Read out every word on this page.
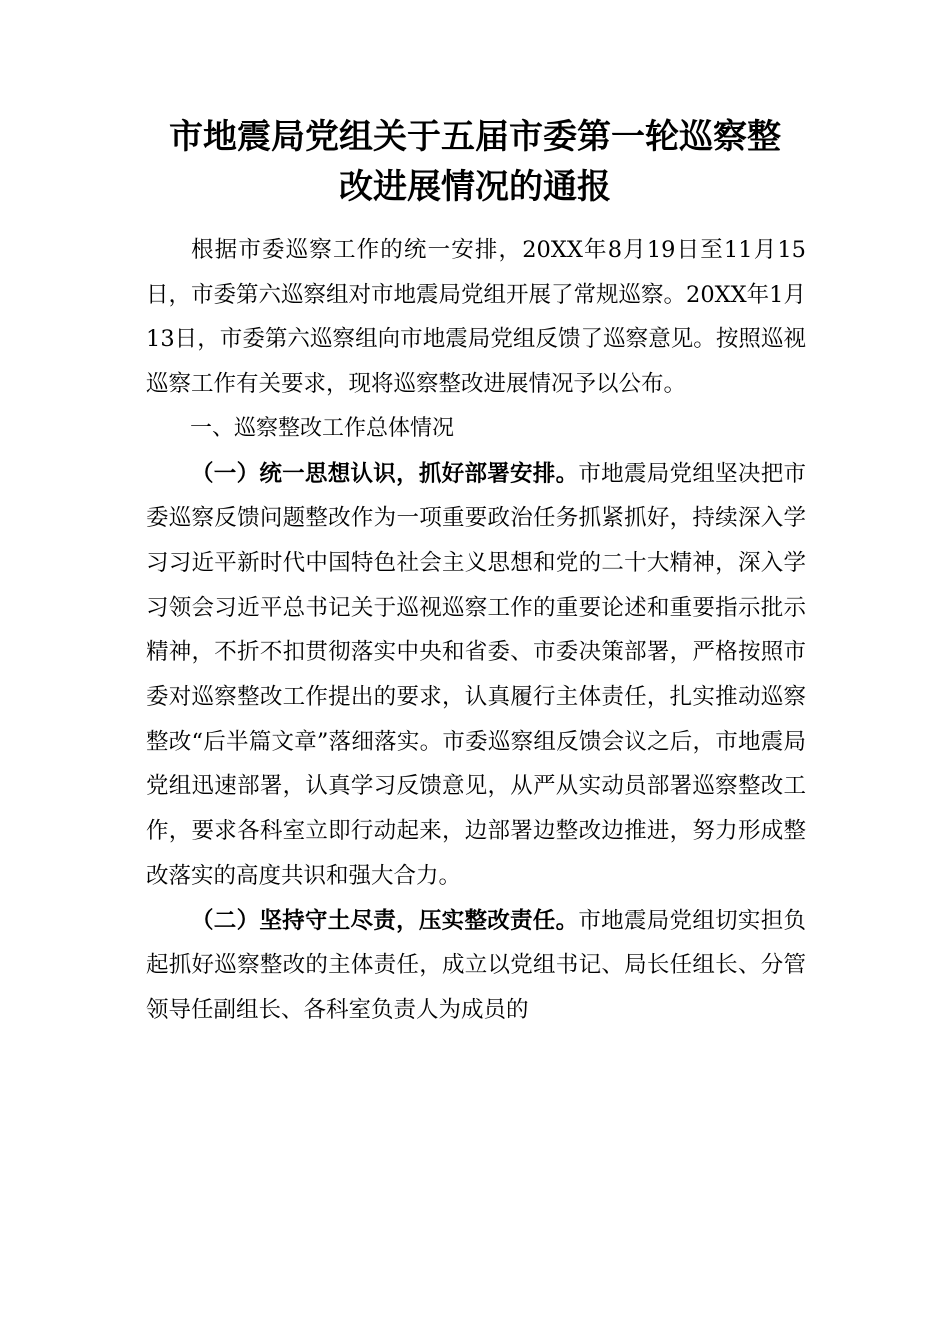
市地震局党组关于五届市委第一轮巡察整
改进展情况的通报

根据市委巡察工作的统一安排，20XX年8月19日至11月15日，市委第六巡察组对市地震局党组开展了常规巡察。20XX年1月13日，市委第六巡察组向市地震局党组反馈了巡察意见。按照巡视巡察工作有关要求，现将巡察整改进展情况予以公布。

一、巡察整改工作总体情况

（一）统一思想认识，抓好部署安排。市地震局党组坚决把市委巡察反馈问题整改作为一项重要政治任务抓紧抓好，持续深入学习习近平新时代中国特色社会主义思想和党的二十大精神，深入学习领会习近平总书记关于巡视巡察工作的重要论述和重要指示批示精神，不折不扣贯彻落实中央和省委、市委决策部署，严格按照市委对巡察整改工作提出的要求，认真履行主体责任，扎实推动巡察整改“后半篇文章”落细落实。市委巡察组反馈会议之后，市地震局党组迅速部署，认真学习反馈意见，从严从实动员部署巡察整改工作，要求各科室立即行动起来，边部署边整改边推进，努力形成整改落实的高度共识和强大合力。

（二）坚持守土尽责，压实整改责任。市地震局党组切实担负起抓好巡察整改的主体责任，成立以党组书记、局长任组长、分管领导任副组长、各科室负责人为成员的
